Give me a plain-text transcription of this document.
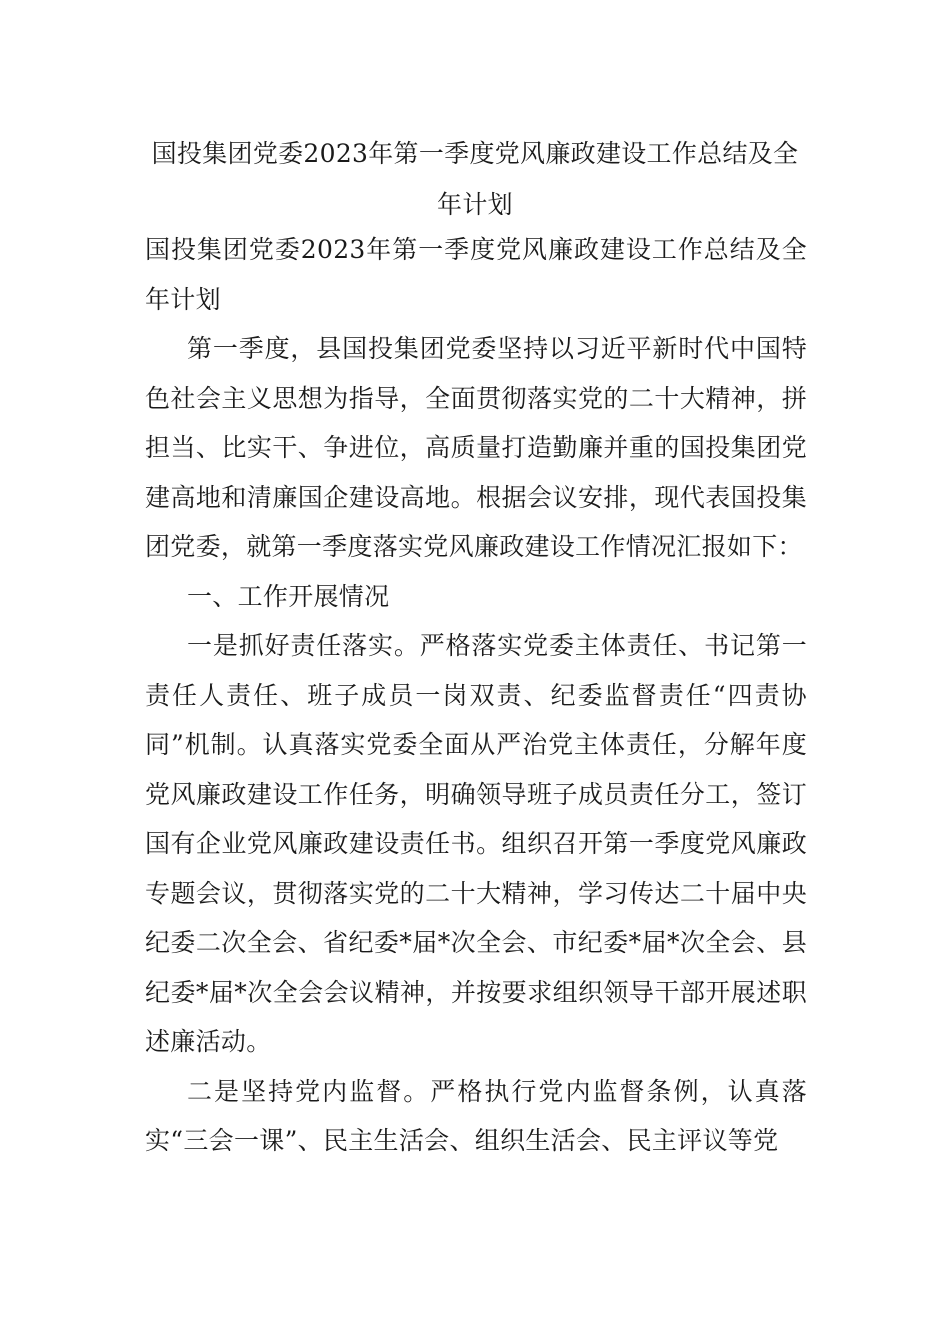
国投集团党委2023年第一季度党风廉政建设工作总结及全年计划

国投集团党委2023年第一季度党风廉政建设工作总结及全年计划

第一季度，县国投集团党委坚持以习近平新时代中国特色社会主义思想为指导，全面贯彻落实党的二十大精神，拼担当、比实干、争进位，高质量打造勤廉并重的国投集团党建高地和清廉国企建设高地。根据会议安排，现代表国投集团党委，就第一季度落实党风廉政建设工作情况汇报如下：

一、工作开展情况

一是抓好责任落实。严格落实党委主体责任、书记第一责任人责任、班子成员一岗双责、纪委监督责任“四责协同”机制。认真落实党委全面从严治党主体责任，分解年度党风廉政建设工作任务，明确领导班子成员责任分工，签订国有企业党风廉政建设责任书。组织召开第一季度党风廉政专题会议，贯彻落实党的二十大精神，学习传达二十届中央纪委二次全会、省纪委*届*次全会、市纪委*届*次全会、县纪委*届*次全会会议精神，并按要求组织领导干部开展述职述廉活动。

二是坚持党内监督。严格执行党内监督条例，认真落实“三会一课”、民主生活会、组织生活会、民主评议等党
